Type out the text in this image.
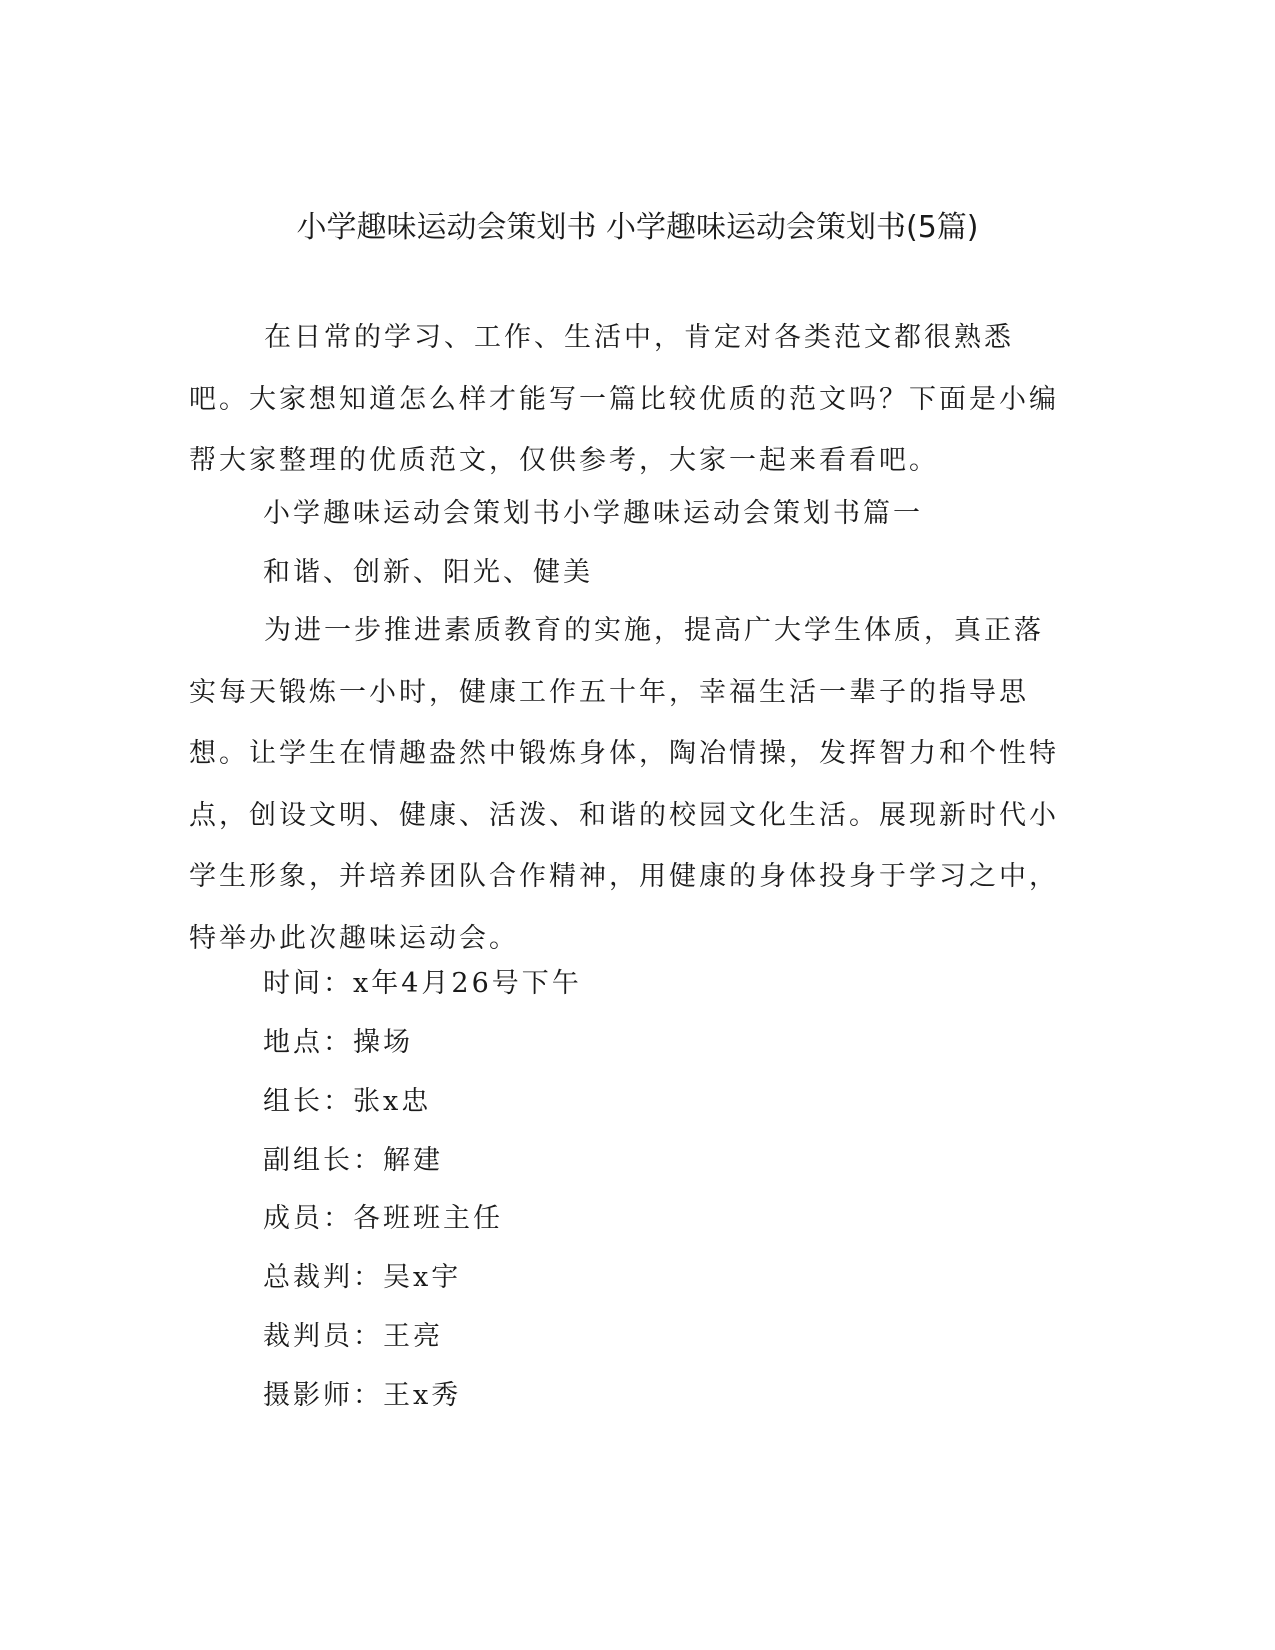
小学趣味运动会策划书 小学趣味运动会策划书(5篇)

在日常的学习、工作、生活中，肯定对各类范文都很熟悉吧。大家想知道怎么样才能写一篇比较优质的范文吗？下面是小编帮大家整理的优质范文，仅供参考，大家一起来看看吧。

小学趣味运动会策划书小学趣味运动会策划书篇一
和谐、创新、阳光、健美

为进一步推进素质教育的实施，提高广大学生体质，真正落实每天锻炼一小时，健康工作五十年，幸福生活一辈子的指导思想。让学生在情趣盎然中锻炼身体，陶冶情操，发挥智力和个性特点，创设文明、健康、活泼、和谐的校园文化生活。展现新时代小学生形象，并培养团队合作精神，用健康的身体投身于学习之中，特举办此次趣味运动会。

时间：x年4月26号下午
地点：操场
组长：张x忠
副组长：解建
成员：各班班主任
总裁判：吴x宇
裁判员：王亮
摄影师：王x秀
